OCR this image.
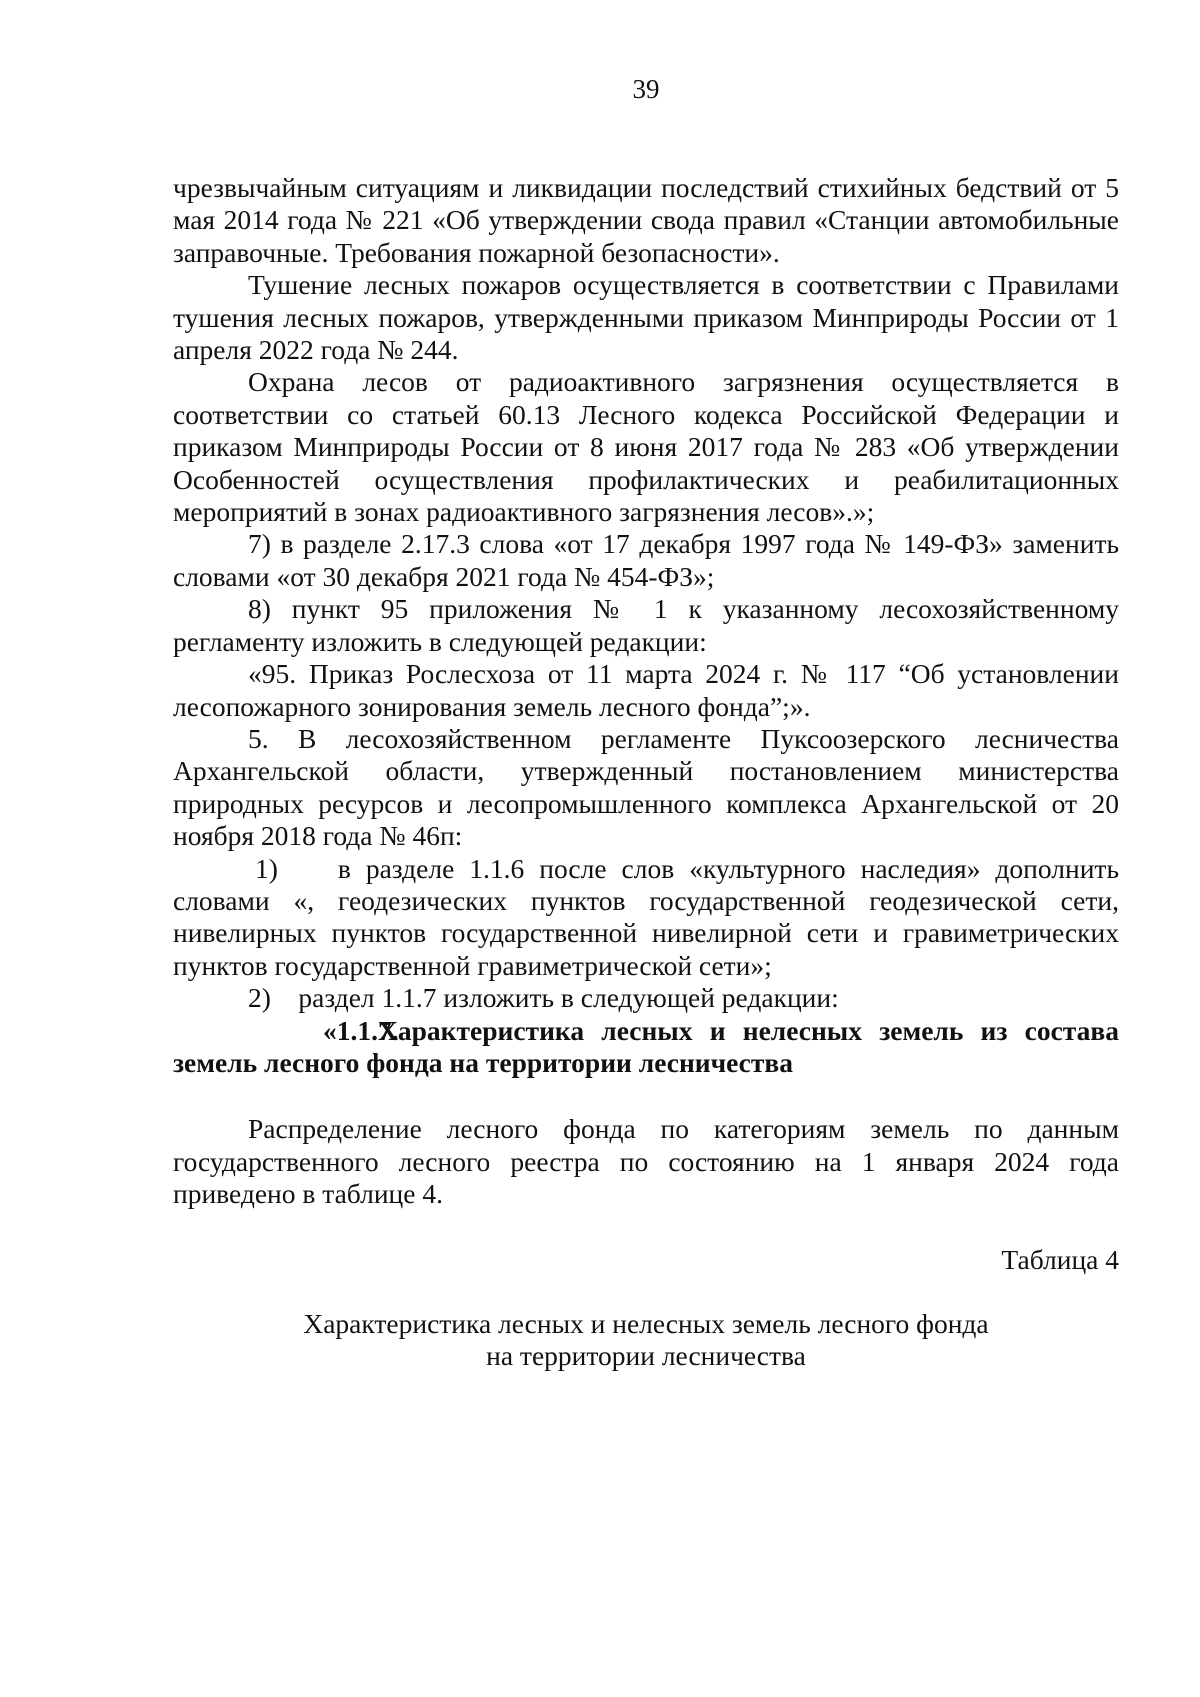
39

чрезвычайным ситуациям и ликвидации последствий стихийных бедствий от 5 мая 2014 года № 221 «Об утверждении свода правил «Станции автомобильные заправочные. Требования пожарной безопасности».

Тушение лесных пожаров осуществляется в соответствии с Правилами тушения лесных пожаров, утвержденными приказом Минприроды России от 1 апреля 2022 года № 244.

Охрана лесов от радиоактивного загрязнения осуществляется в соответствии со статьей 60.13 Лесного кодекса Российской Федерации и приказом Минприроды России от 8 июня 2017 года № 283 «Об утверждении Особенностей осуществления профилактических и реабилитационных мероприятий в зонах радиоактивного загрязнения лесов».»;

7) в разделе 2.17.3 слова «от 17 декабря 1997 года № 149-ФЗ» заменить словами «от 30 декабря 2021 года № 454-ФЗ»;

8) пункт 95 приложения № 1 к указанному лесохозяйственному регламенту изложить в следующей редакции:

«95. Приказ Рослесхоза от 11 марта 2024 г. № 117 “Об установлении лесопожарного зонирования земель лесного фонда”;».

5. В лесохозяйственном регламенте Пуксоозерского лесничества Архангельской области, утвержденный постановлением министерства природных ресурсов и лесопромышленного комплекса Архангельской от 20 ноября 2018 года № 46п:

1)    в разделе 1.1.6 после слов «культурного наследия» дополнить словами «, геодезических пунктов государственной геодезической сети, нивелирных пунктов государственной нивелирной сети и гравиметрических пунктов государственной гравиметрической сети»;

2)    раздел 1.1.7 изложить в следующей редакции:

«1.1.7.Характеристика лесных и нелесных земель из состава земель лесного фонда на территории лесничества

Распределение лесного фонда по категориям земель по данным государственного лесного реестра по состоянию на 1 января 2024 года приведено в таблице 4.

Таблица 4

Характеристика лесных и нелесных земель лесного фонда
на территории лесничества
